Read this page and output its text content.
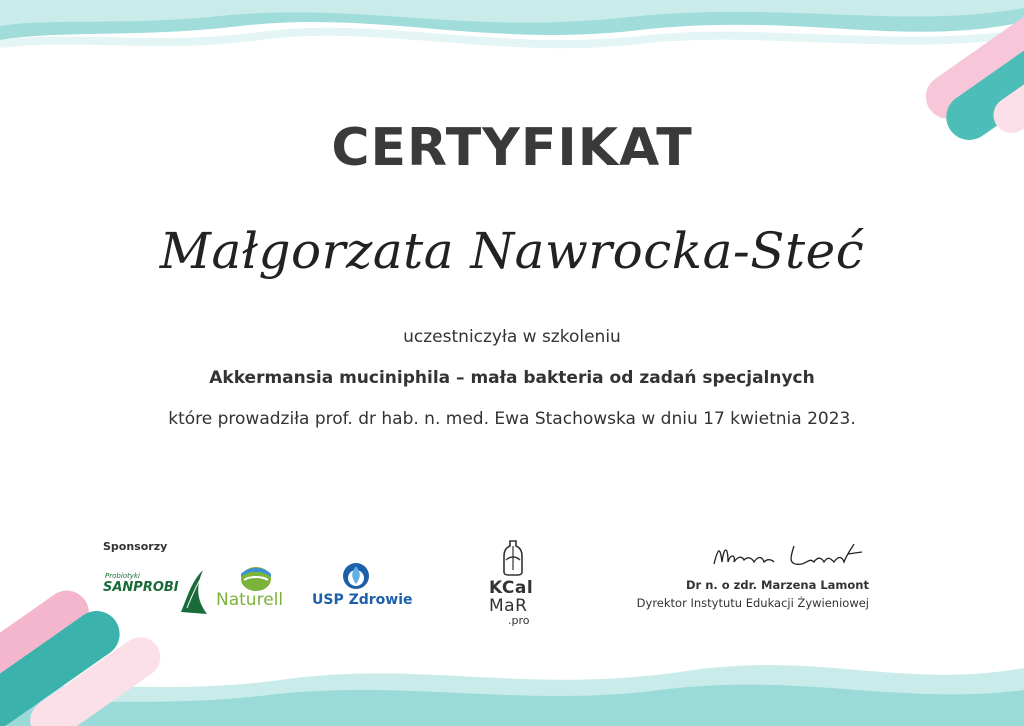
CERTYFIKAT
Małgorzata Nawrocka-Steć
uczestniczyła w szkoleniu
Akkermansia muciniphila – mała bakteria od zadań specjalnych
które prowadziła prof. dr hab. n. med. Ewa Stachowska w dniu 17 kwietnia 2023.
Sponsorzy
Probiotyki
SANPROBI
Naturell USP Zdrowie
KCal
MaR
.pro
Dr n. o zdr. Marzena Lamont
Dyrektor Instytutu Edukacji Żywieniowej
